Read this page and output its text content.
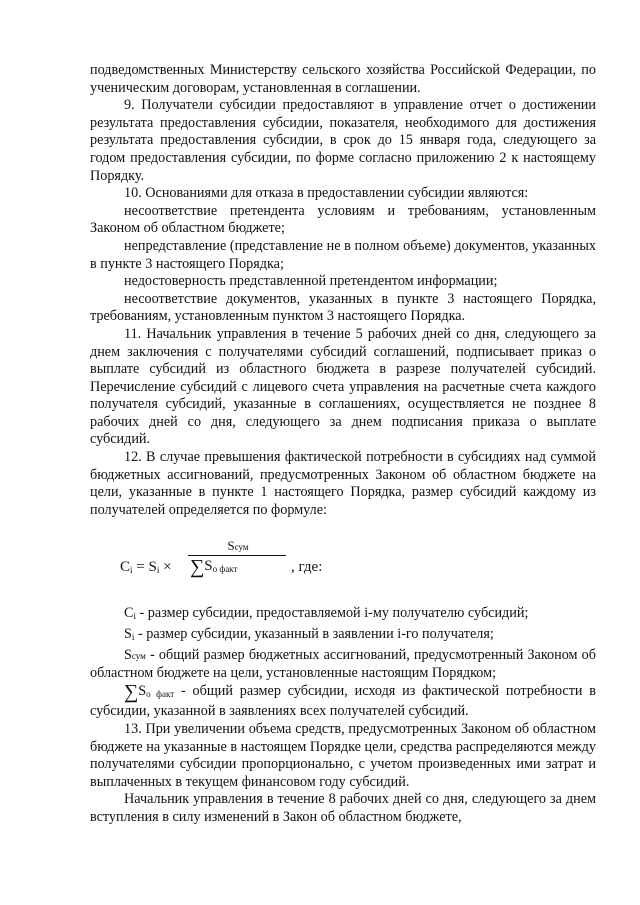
подведомственных Министерству сельского хозяйства Российской Федерации, по ученическим договорам, установленная в соглашении.

9. Получатели субсидии предоставляют в управление отчет о достижении результата предоставления субсидии, показателя, необходимого для достижения результата предоставления субсидии, в срок до 15 января года, следующего за годом предоставления субсидии, по форме согласно приложению 2 к настоящему Порядку.

10. Основаниями для отказа в предоставлении субсидии являются:

несоответствие претендента условиям и требованиям, установленным Законом об областном бюджете;

непредставление (представление не в полном объеме) документов, указанных в пункте 3 настоящего Порядка;

недостоверность представленной претендентом информации;

несоответствие документов, указанных в пункте 3 настоящего Порядка, требованиям, установленным пунктом 3 настоящего Порядка.

11. Начальник управления в течение 5 рабочих дней со дня, следующего за днем заключения с получателями субсидий соглашений, подписывает приказ о выплате субсидий из областного бюджета в разрезе получателей субсидий. Перечисление субсидий с лицевого счета управления на расчетные счета каждого получателя субсидий, указанные в соглашениях, осуществляется не позднее 8 рабочих дней со дня, следующего за днем подписания приказа о выплате субсидий.

12. В случае превышения фактической потребности в субсидиях над суммой бюджетных ассигнований, предусмотренных Законом об областном бюджете на цели, указанные в пункте 1 настоящего Порядка, размер субсидий каждому из получателей определяется по формуле:

$C_i = S_i$ ×
Sсум
$\sum S_{о факт}$	, где:

$C_i$ - размер субсидии, предоставляемой i-му получателю субсидий;

$S_i$ - размер субсидии, указанный в заявлении i-го получателя;

Sсум - общий размер бюджетных ассигнований, предусмотренный Законом об областном бюджете на цели, установленные настоящим Порядком;

$\sum S_{о факт}$ - общий размер субсидии, исходя из фактической потребности в субсидии, указанной в заявлениях всех получателей субсидий.

13. При увеличении объема средств, предусмотренных Законом об областном бюджете на указанные в настоящем Порядке цели, средства распределяются между получателями субсидии пропорционально, с учетом произведенных ими затрат и выплаченных в текущем финансовом году субсидий.

Начальник управления в течение 8 рабочих дней со дня, следующего за днем вступления в силу изменений в Закон об областном бюджете,
